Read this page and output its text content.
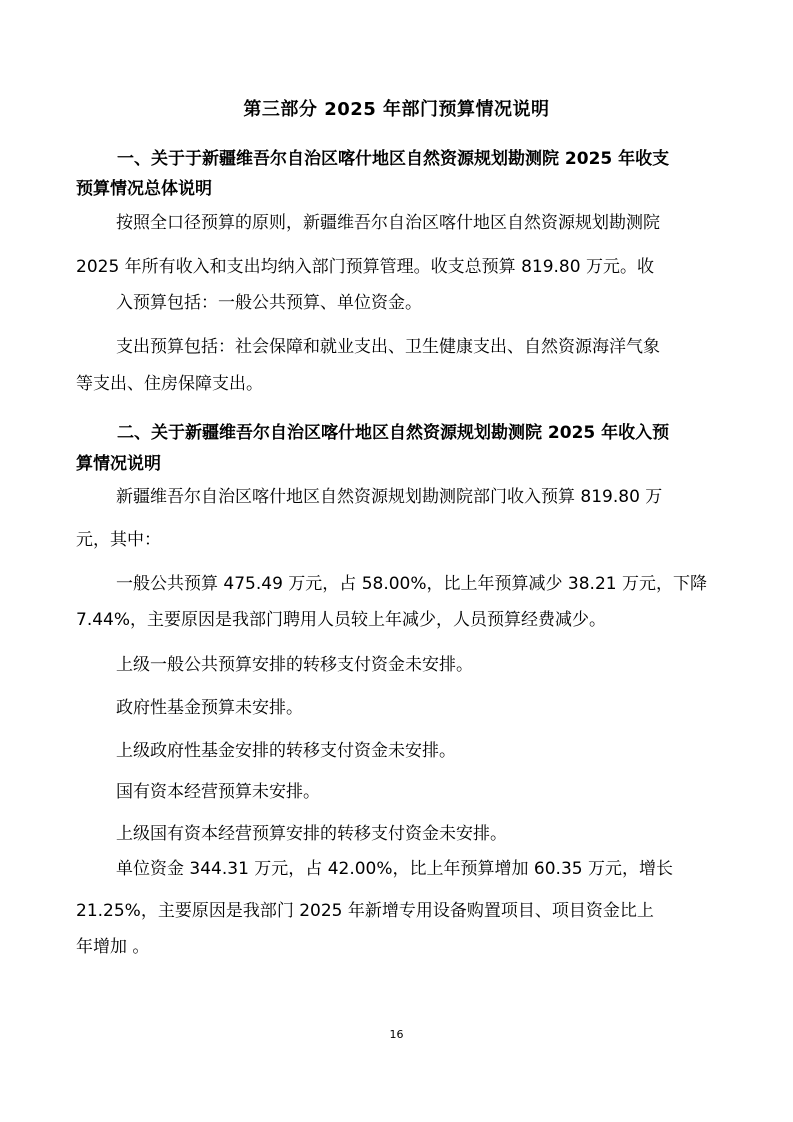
第三部分 2025 年部门预算情况说明
一、关于于新疆维吾尔自治区喀什地区自然资源规划勘测院 2025 年收支
预算情况总体说明
按照全口径预算的原则，新疆维吾尔自治区喀什地区自然资源规划勘测院
2025 年所有收入和支出均纳入部门预算管理。收支总预算 819.80 万元。收
入预算包括：一般公共预算、单位资金。
支出预算包括：社会保障和就业支出、卫生健康支出、自然资源海洋气象
等支出、住房保障支出。
二、关于新疆维吾尔自治区喀什地区自然资源规划勘测院 2025 年收入预
算情况说明
新疆维吾尔自治区喀什地区自然资源规划勘测院部门收入预算 819.80 万
元，其中：
一般公共预算 475.49 万元，占 58.00%，比上年预算减少 38.21 万元，下降
7.44%，主要原因是我部门聘用人员较上年减少，人员预算经费减少。
上级一般公共预算安排的转移支付资金未安排。
政府性基金预算未安排。
上级政府性基金安排的转移支付资金未安排。
国有资本经营预算未安排。
上级国有资本经营预算安排的转移支付资金未安排。
单位资金 344.31 万元，占 42.00%，比上年预算增加 60.35 万元，增长
21.25%，主要原因是我部门 2025 年新增专用设备购置项目、项目资金比上
年增加 。
16
